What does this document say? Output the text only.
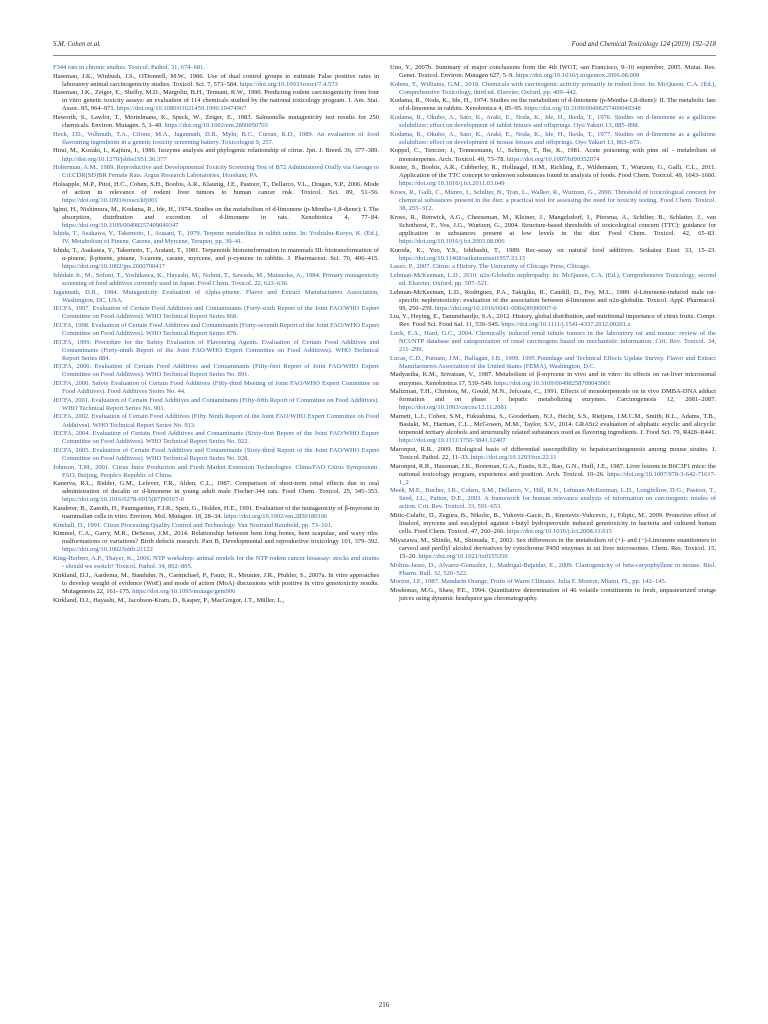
S.M. Cohen et al.	Food and Chemical Toxicology 124 (2019) 192–218

F344 rats in chronic studies. Toxicol. Pathol. 31, 674–681.

Haseman, J.K., Winbush, J.S., O'Donnell, M.W., 1986. Use of dual control groups to estimate False positive rates in laboratory animal carcinogenicity studies. Toxicol. Sci. 7, 573–584. https://doi.org/10.1093/toxsci/7.4.573

Haseman, J.K., Zeiger, E., Shelby, M.D., Margolin, B.H., Tennant, R.W., 1990. Predicting rodent carcinogenicity from four in vitro genetic toxicity assays: an evaluation of 114 chemicals studied by the national toxicology program. J. Am. Stat. Assoc. 85, 964–971. https://doi.org/10.1080/01621459.1990.10474967

Haworth, S., Lawlor, T., Mortelmans, K., Speck, W., Zeiger, E., 1983. Salmonella mutagenicity test results for 250 chemicals. Environ. Mutagen. 5, 3–49. https://doi.org/10.1002/em.2860050703

Heck, J.D., Vollmuth, T.A., Cifone, M.A., Jagannath, D.R., Myhr, B.C., Curran, R.D., 1989. An evaluation of food flavouring ingredients in a genetic toxicity screening battery. Toxicologist 9, 257.

Hirai, M., Kozaki, I., Kajiura, I., 1986. Isozyme analysis and phylogenic relationship of citrus. Jpn. J. Breed. 36, 377–389. http://doi.org/10.1270/jsbbs1951.36.377

Hoberman, A.M., 1989. Reproductive and Developmental Toxicity Screening Test of B72 Administered Orally via Gavage to Crl:CDR(SD)BR Female Rats. Argus Research Laboratories, Horsham, PA.

Holsapple, M.P., Pitot, H.C., Cohen, S.H., Boobis, A.R., Klaunig, J.E., Pastoor, T., Dellarco, V.L., Dragan, Y.P., 2006. Mode of action in relevance of rodent liver tumors to human cancer risk. Toxicol. Sci. 89, 51–56. https://doi.org/10.1093/toxsci/kfj001

Igimi, H., Nishimura, M., Kodama, R., Ide, H., 1974. Studies on the metabolism of d-limonene (p-Mentha-1,8-diene): I. The absorption, distribution and excretion of d-limonene in rats. Xenobiotica 4, 77–84. https://doi.org/10.3109/00498257409049347

Ishida, T., Asakawa, Y., Takemoto, I., Aratani, T., 1979. Terpene metabolites in rabbit urine. In: Yoshishu-Koryo, K. (Ed.), IV. Metabolism of Pinene, Carene, and Myrcene, Terupen, pp. 39–41.

Ishida, T., Asakawa, Y., Takemoto, T., Aratani, T., 1981. Terpenoids biotransformation in mammals III: biotransformation of α-pinene, β-pinene, pinane, 3-carene, carane, myrcene, and p-cymene in rabbits. J. Pharmaceut. Sci. 70, 406–415. https://doi.org/10.1002/jps.2600700417

Ishidate Jr., M., Sofuni, T., Yoshikawa, K., Hayashi, M., Nohmi, T., Sawada, M., Matsuoka, A., 1984. Primary mutagenicity screening of food additives currently used in Japan. Food Chem. Toxicol. 22, 623–636.

Jagannath, D.R., 1984. Mutagenicity Evaluation of Alpha-pinene. Flavor and Extract Manufacturers Association, Washington, DC, USA.

JECFA, 1997. Evaluation of Certain Food Additives and Contaminants (Forty-sixth Report of the Joint FAO/WHO Expert Committee on Food Additives). WHO Technical Report Series 868.

JECFA, 1998. Evaluation of Certain Food Additives and Contaminants (Forty-seventh Report of the Joint FAO/WHO Expert Committee on Food Additives). WHO Technical Report Series 876.

JECFA, 1999. Procedure for the Safety Evaluation of Flavouring Agents. Evaluation of Certain Food Additives and Contaminants (Forty-ninth Report of the Joint FAO/WHO Expert Committee on Food Additives). WHO Technical Report Series 884.

JECFA, 2000. Evaluation of Certain Food Additives and Contaminants (Fifty-first Report of Joint FAO/WHO Expert Committee on Food Additives). WHO Technical Report Series No. 891.

JECFA, 2000. Safety Evaluation of Certain Food Additives (Fifty-third Meeting of Joint FAO/WHO Expert Committee on Food Additives). Food Additives Series No. 44.

JECFA, 2001. Evaluation of Certain Food Additives and Contaminants (Fifty-fifth Report of Committee on Food Additives). WHO Technical Report Series No. 901.

JECFA, 2002. Evaluation of Certain Food Additives (Fifty Ninth Report of the Joint FAO/WHO Expert Committee on Food Additives). WHO Technical Report Series No. 913.

JECFA, 2004. Evaluation of Certain Food Additives and Contaminants (Sixty-first Report of the Joint FAO/WHO Expert Committee on Food Additives). WHO Technical Report Series No. 922.

JECFA, 2005. Evaluation of Certain Food Additives and Contaminants (Sixty-third Report of the Joint FAO/WHO Expert Committee on Food Additives). WHO Technical Report Series No. 928.

Johnson, T.M., 2001. Citrus Juice Production and Fresh Market Extension Technologies. China/FAO Citrus Symposium. FAO, Beijing, People's Republic of China.

Kanerva, R.L., Ridder, G.M., Lefever, F.R., Alden, C.L., 1987. Comparison of short-term renal effects due to oral administration of decalin or d-limonene in young adult male Fischer-344 rats. Food Chem. Toxicol. 25, 345–353. https://doi.org/10.1016/0278-6915(87)90167-0

Kauderer, B., Zamith, H., Paumgartten, F.J.R., Speit, G., Holden, H.E., 1991. Evaluation of the mutagenicity of β-myrcene in mammalian cells in vitro. Environ. Mol. Mutagen. 18, 28–34. https://doi.org/10.1002/em.2850180106

Kimball, D., 1991. Citrus Processing Quality Control and Technology. Van Nostrand Reinhold, pp. 73–101.

Kimmel, C.A., Garry, M.R., DeSesso, J.M., 2014. Relationship between bent long bones, bent scapulae, and wavy ribs: malformations or variations? Birth defects research. Part B, Developmental and reproductive toxicology 101, 379–392. https://doi.org/10.1002/bdrb.21122

King-Herbert, A.P., Thayer, K., 2006. NTP workshop: animal models for the NTP rodent cancer bioassay: stocks and strains - should we switch? Toxicol. Pathol. 34, 802–805.

Kirkland, D.J., Aardema, M., Banduhn, N., Carmichael, P., Fautz, R., Meunier, J.R., Pfuhler, S., 2007a. In vitro approaches to develop weight of evidence (WoE) and mode of action (MoA) discussions with positive in vitro genotoxicity results. Mutagenesis 22, 161–175. https://doi.org/10.1093/mutage/gem006

Kirkland, D.J., Hayashi, M., Jacobson-Kram, D., Kasper, P., MacGregor, J.T., Müller, L.,

Uno, Y., 2007b. Summary of major conclusions from the 4th IWGT, san Francisco, 9–10 september, 2005. Mutat. Res. Genet. Toxicol. Environ. Mutagen 627, 5–9. https://doi.org/10.1016/j.mrgentox.2006.08.009

Kobets, T., Williams, G.M., 2018. Chemicals with carcinogenic activity primarily in rodent liver. In: McQueen, C.A. (Ed.), Comprehensive Toxicology, third ed. Elsevier, Oxford, pp. 409–442.

Kodama, R., Noda, K., Ide, H., 1974. Studies on the metabolism of d-limonene (p-Mentha-1,8-diene): II. The metabolic fate of d-limonene in rabbits. Xenobiotica 4, 85–95. https://doi.org/10.3109/00498257409049348

Kodama, R., Okubo, A., Sato, K., Araki, E., Noda, K., Ide, H., Ikeda, T., 1976. Studies on d-limonene as a gallstone solubilizer: effect on development of rabbit fetuses and offsprings. Oyo Yakuri 13, 885–898.

Kodama, R., Okubo, A., Sato, K., Araki, E., Noda, K., Ide, H., Ikeda, T., 1977. Studies on d-limonene as a gallstone solubilizer: effect on development of mouse fetuses and offsprings. Oyo Yakuri 13, 863–873.

Koppel, C., Tenczer, J., Tonnesmann, U., Schirop, T., Ibe, K., 1981. Acute poisoning with pine oil - metabolism of monoterpenes. Arch. Toxicol. 49, 73–78. https://doi.org/10.1007/bf00352074

Koster, S., Boobis, A.R., Cubberley, R., Hollnagel, H.M., Richling, E., Wildemann, T., Wurtzen, G., Galli, C.L., 2011. Application of the TTC concept to unknown substances found in analysis of foods. Food Chem. Toxicol. 49, 1643–1660. https://doi.org/10.1016/j.fct.2011.03.049

Kroes, R., Galli, C., Munro, I., Schilter, B., Tran, L., Walker, R., Wurtzen, G., 2000. Threshold of toxicological concern for chemical substances present in the diet: a practical tool for assessing the need for toxicity testing. Food Chem. Toxicol. 38, 255–312.

Kroes, R., Renwick, A.G., Cheeseman, M., Kleiner, J., Mangelsdorf, I., Piersma, A., Schilter, B., Schlatter, J., van Schothorst, F., Vos, J.G., Wurtzen, G., 2004. Structure-based thresholds of toxicological concern (TTC): guidance for application to substances present at low levels in the diet. Food Chem. Toxicol. 42, 65–83. https://doi.org/10.1016/j.fct.2003.08.006

Kuroda, K., Yoo, Y.S., Ishibashi, T., 1989. Rec-assay on natural food additives. Seikatsu Eisei 33, 15–23. https://doi.org/10.11468/seikatsueisei1957.33.15

Laszo, P., 2007. Citrus: a History. The University of Chicago Press, Chicago.

Lehman-McKeeman, L.D., 2010. α2u-Globulin nephropathy. In: McQueen, C.A. (Ed.), Comprehensive Toxicology, second ed. Elsevier, Oxford, pp. 507–521.

Lehman-McKeeman, L.D., Rodriguez, P.A., Takigiku, R., Caudill, D., Fey, M.L., 1989. d-Limonene-induced male rat-specific nephrotoxicity: evaluation of the association between d-limonene and α2u-globulin. Toxicol. Appl. Pharmacol. 99, 250–259. https://doi.org/10.1016/0041-008x(89)90007-0

Liu, Y., Heying, E., Tanumihardjo, S.A., 2012. History, global distribution, and nutritional importance of citrus fruits. Compr. Rev. Food Sci. Food Saf. 11, 530–545. https://doi.org/10.1111/j.1541-4337.2012.00201.x

Lock, E.A., Hard, G.C., 2004. Chemically induced renal tubule tumors in the laboratory rat and mouse: review of the NCI/NTP database and categorization of renal carcinogens based on mechanistic information. Crit. Rev. Toxicol. 34, 211–299.

Lucas, C.D., Putnam, J.M., Hallagan, J.B., 1999. 1995 Poundage and Technical Effects Update Survey. Flavor and Extract Manufacturers Association of the United States (FEMA), Washington, D.C.

Madyastha, K.M., Srivatsan, V., 1987. Metabolism of β-myrcene in vivo and in vitro: its effects on rat-liver microsomal enzymes. Xenobiotica 17, 539–549. https://doi.org/10.3109/00498258709043961

Maltzman, T.H., Christou, M., Gould, M.N., Jefcoate, C., 1991. Effects of monoterpenoids on in vivo DMBA-DNA adduct formation and on phase I hepatic metabolizing enzymes. Carcinogenesis 12, 2081–2087. https://doi.org/10.1093/carcin/12.11.2081

Marnett, L.J., Cohen, S.M., Fukushima, S., Gooderham, N.J., Hecht, S.S., Rietjens, I.M.C.M., Smith, R.L., Adams, T.B., Bastaki, M., Harman, C.L., McGowen, M.M., Taylor, S.V., 2014. GRASr2 evaluation of aliphatic acyclic and alicyclic terpenoid tertiary alcohols and structurally related substances used as flavoring ingredients. J. Food Sci. 79, R428–R441. https://doi.org/10.1111/1750-3841.12407

Maronpot, R.R., 2009. Biological basis of differential susceptibility to hepatocarcinogenesis among mouse strains. J. Toxicol. Pathol. 22, 11–33. https://doi.org/10.1293/tox.22.11

Maronpot, R.R., Haseman, J.K., Boorman, G.A., Eustis, S.E., Rao, G.N., Huff, J.E., 1987. Liver lesions in B6C3F1 mice: the national toxicology program, experience and position. Arch. Toxicol. 10–26. https://doi.org/10.1007/978-3-642-71617-1_2

Meek, M.E., Bucher, J.R., Cohen, S.M., Dellarco, V., Hill, R.N., Lehman-McKeeman, L.D., Longfellow, D.G., Pastoor, T., Seed, J.L., Patton, D.E., 2003. A framework for human relevance analysis of information on carcinogenic modes of action. Crit. Rev. Toxicol. 33, 591–653.

Mitic-Culafic, D., Zegura, B., Nikolic, B., Vukovic-Gacic, B., Knezevic-Vukcevic, J., Filipic, M., 2009. Protective effect of linalool, myrcene and eucalyptol against t-butyl hydroperoxide induced genotoxicity in bacteria and cultured human cells. Food Chem. Toxicol. 47, 260–266. https://doi.org/10.1016/j.fct.2008.11.015

Miyazawa, M., Shindo, M., Shimada, T., 2002. Sex differences in the metabolism of (+)- and (−)-Limonene enantiomers to carveol and perillyl alcohol derivatives by cytochrome P450 enzymes in rat liver microsomes. Chem. Res. Toxicol. 15, 15–20. https://doi.org/10.1021/tx0155350

Molina-Jasso, D., Alvarez-Gonzalez, I., Madrigal-Bujaidar, E., 2009. Clastogenicity of beta-caryophyllene in mouse. Biol. Pharm. Bull. 32, 520–522.

Morton, J.F., 1987. Mandarin Orange, Fruits of Warm Climates. Julia F. Morton, Miami, FL, pp. 142–145.

Moshonas, M.G., Shaw, P.E., 1994. Quantitative determination of 46 volatile constituents in fresh, unpasteurized orange juices using dynamic headspace gas chromatography.

216
